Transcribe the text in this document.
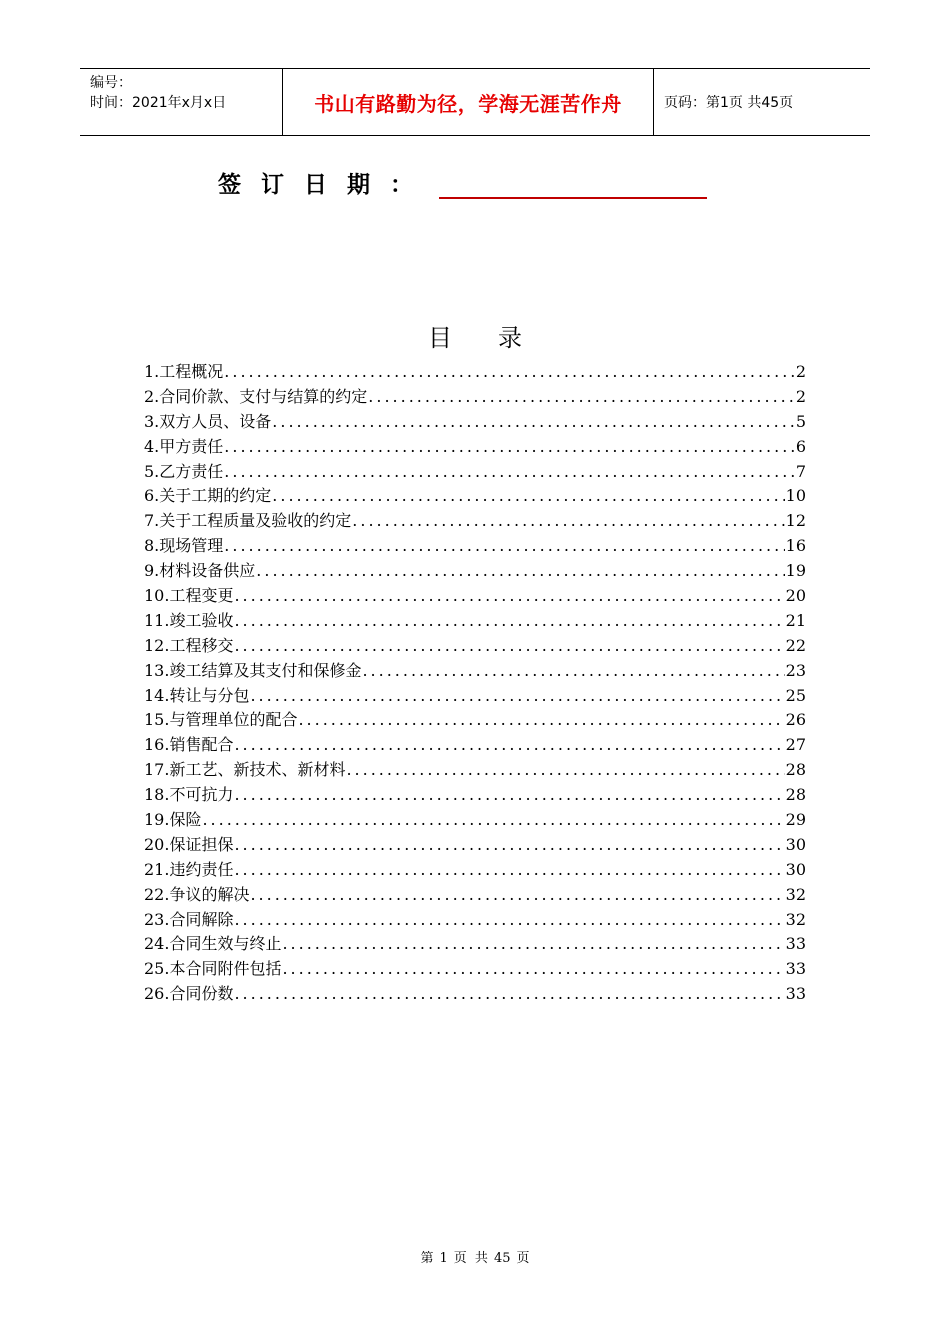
编号：
时间：2021年x月x日	书山有路勤为径，学海无涯苦作舟	页码：第1页 共45页
签订日期：
目录
1.工程概况 .....	2
2.合同价款、支付与结算的约定 .....	2
3.双方人员、设备 .....	5
4.甲方责任 .....	6
5.乙方责任 .....	7
6.关于工期的约定 .....	10
7.关于工程质量及验收的约定 .....	12
8.现场管理 .....	16
9.材料设备供应 .....	19
10.工程变更 .....	20
11.竣工验收 .....	21
12.工程移交 .....	22
13.竣工结算及其支付和保修金 .....	23
14.转让与分包 .....	25
15.与管理单位的配合 .....	26
16.销售配合 .....	27
17.新工艺、新技术、新材料 .....	28
18.不可抗力 .....	28
19.保险 .....	29
20.保证担保 .....	30
21.违约责任 .....	30
22.争议的解决 .....	32
23.合同解除 .....	32
24.合同生效与终止 .....	33
25.本合同附件包括 .....	33
26.合同份数 .....	33
第 1 页 共 45 页
